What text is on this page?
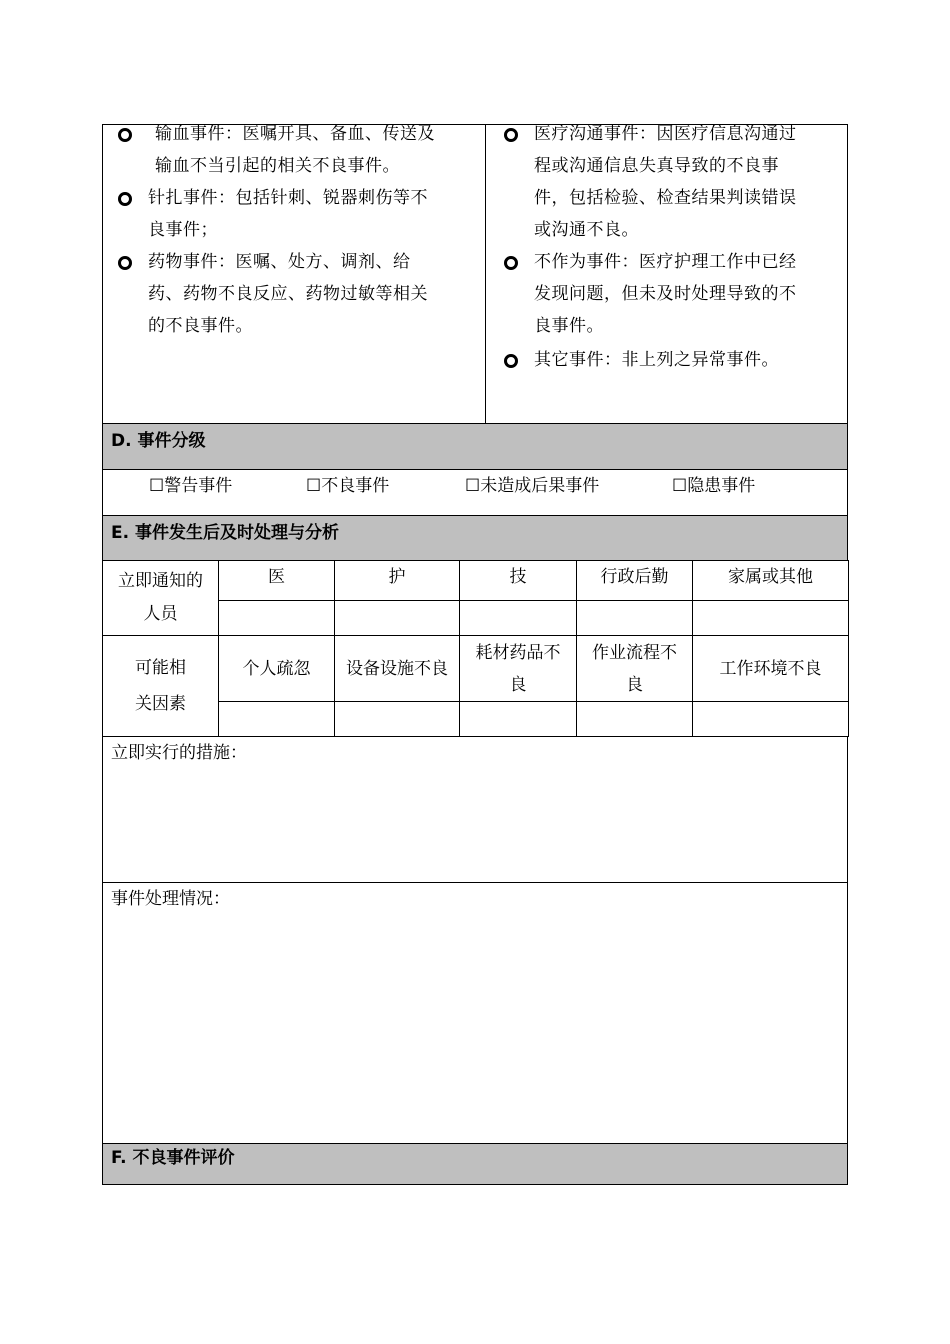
输血事件：医嘱开具、备血、传送及
输血不当引起的相关不良事件。
针扎事件：包括针刺、锐器刺伤等不
良事件；
药物事件：医嘱、处方、调剂、给
药、药物不良反应、药物过敏等相关
的不良事件。
医疗沟通事件：因医疗信息沟通过
程或沟通信息失真导致的不良事
件，包括检验、检查结果判读错误
或沟通不良。
不作为事件：医疗护理工作中已经
发现问题，但未及时处理导致的不
良事件。
其它事件：非上列之异常事件。
D. 事件分级
☐警告事件	☐不良事件	☐未造成后果事件	☐隐患事件
E. 事件发生后及时处理与分析
立即通知的人员	医	护	技	行政后勤	家属或其他

可能相关因素	个人疏忽	设备设施不良	耗材药品不良	作业流程不良	工作环境不良

立即实行的措施：
事件处理情况：
F. 不良事件评价
